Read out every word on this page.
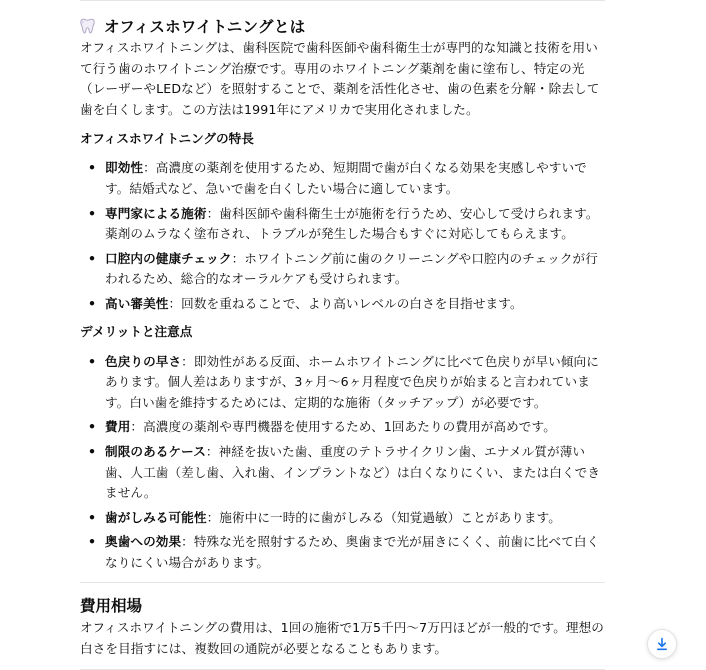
オフィスホワイトニングとは

オフィスホワイトニングは、歯科医院で歯科医師や歯科衛生士が専門的な知識と技術を用いて行う歯のホワイトニング治療です。専用のホワイトニング薬剤を歯に塗布し、特定の光（レーザーやLEDなど）を照射することで、薬剤を活性化させ、歯の色素を分解・除去して歯を白くします。この方法は1991年にアメリカで実用化されました。

オフィスホワイトニングの特長
• 即効性：高濃度の薬剤を使用するため、短期間で歯が白くなる効果を実感しやすいです。結婚式など、急いで歯を白くしたい場合に適しています。
• 専門家による施術：歯科医師や歯科衛生士が施術を行うため、安心して受けられます。薬剤のムラなく塗布され、トラブルが発生した場合もすぐに対応してもらえます。
• 口腔内の健康チェック：ホワイトニング前に歯のクリーニングや口腔内のチェックが行われるため、総合的なオーラルケアも受けられます。
• 高い審美性：回数を重ねることで、より高いレベルの白さを目指せます。
デメリットと注意点
• 色戻りの早さ：即効性がある反面、ホームホワイトニングに比べて色戻りが早い傾向にあります。個人差はありますが、3ヶ月〜6ヶ月程度で色戻りが始まると言われています。白い歯を維持するためには、定期的な施術（タッチアップ）が必要です。
• 費用：高濃度の薬剤や専門機器を使用するため、1回あたりの費用が高めです。
• 制限のあるケース：神経を抜いた歯、重度のテトラサイクリン歯、エナメル質が薄い歯、人工歯（差し歯、入れ歯、インプラントなど）は白くなりにくい、または白くできません。
• 歯がしみる可能性：施術中に一時的に歯がしみる（知覚過敏）ことがあります。
• 奥歯への効果：特殊な光を照射するため、奥歯まで光が届きにくく、前歯に比べて白くなりにくい場合があります。
費用相場

オフィスホワイトニングの費用は、1回の施術で1万5千円〜7万円ほどが一般的です。理想の白さを目指すには、複数回の通院が必要となることもあります。
